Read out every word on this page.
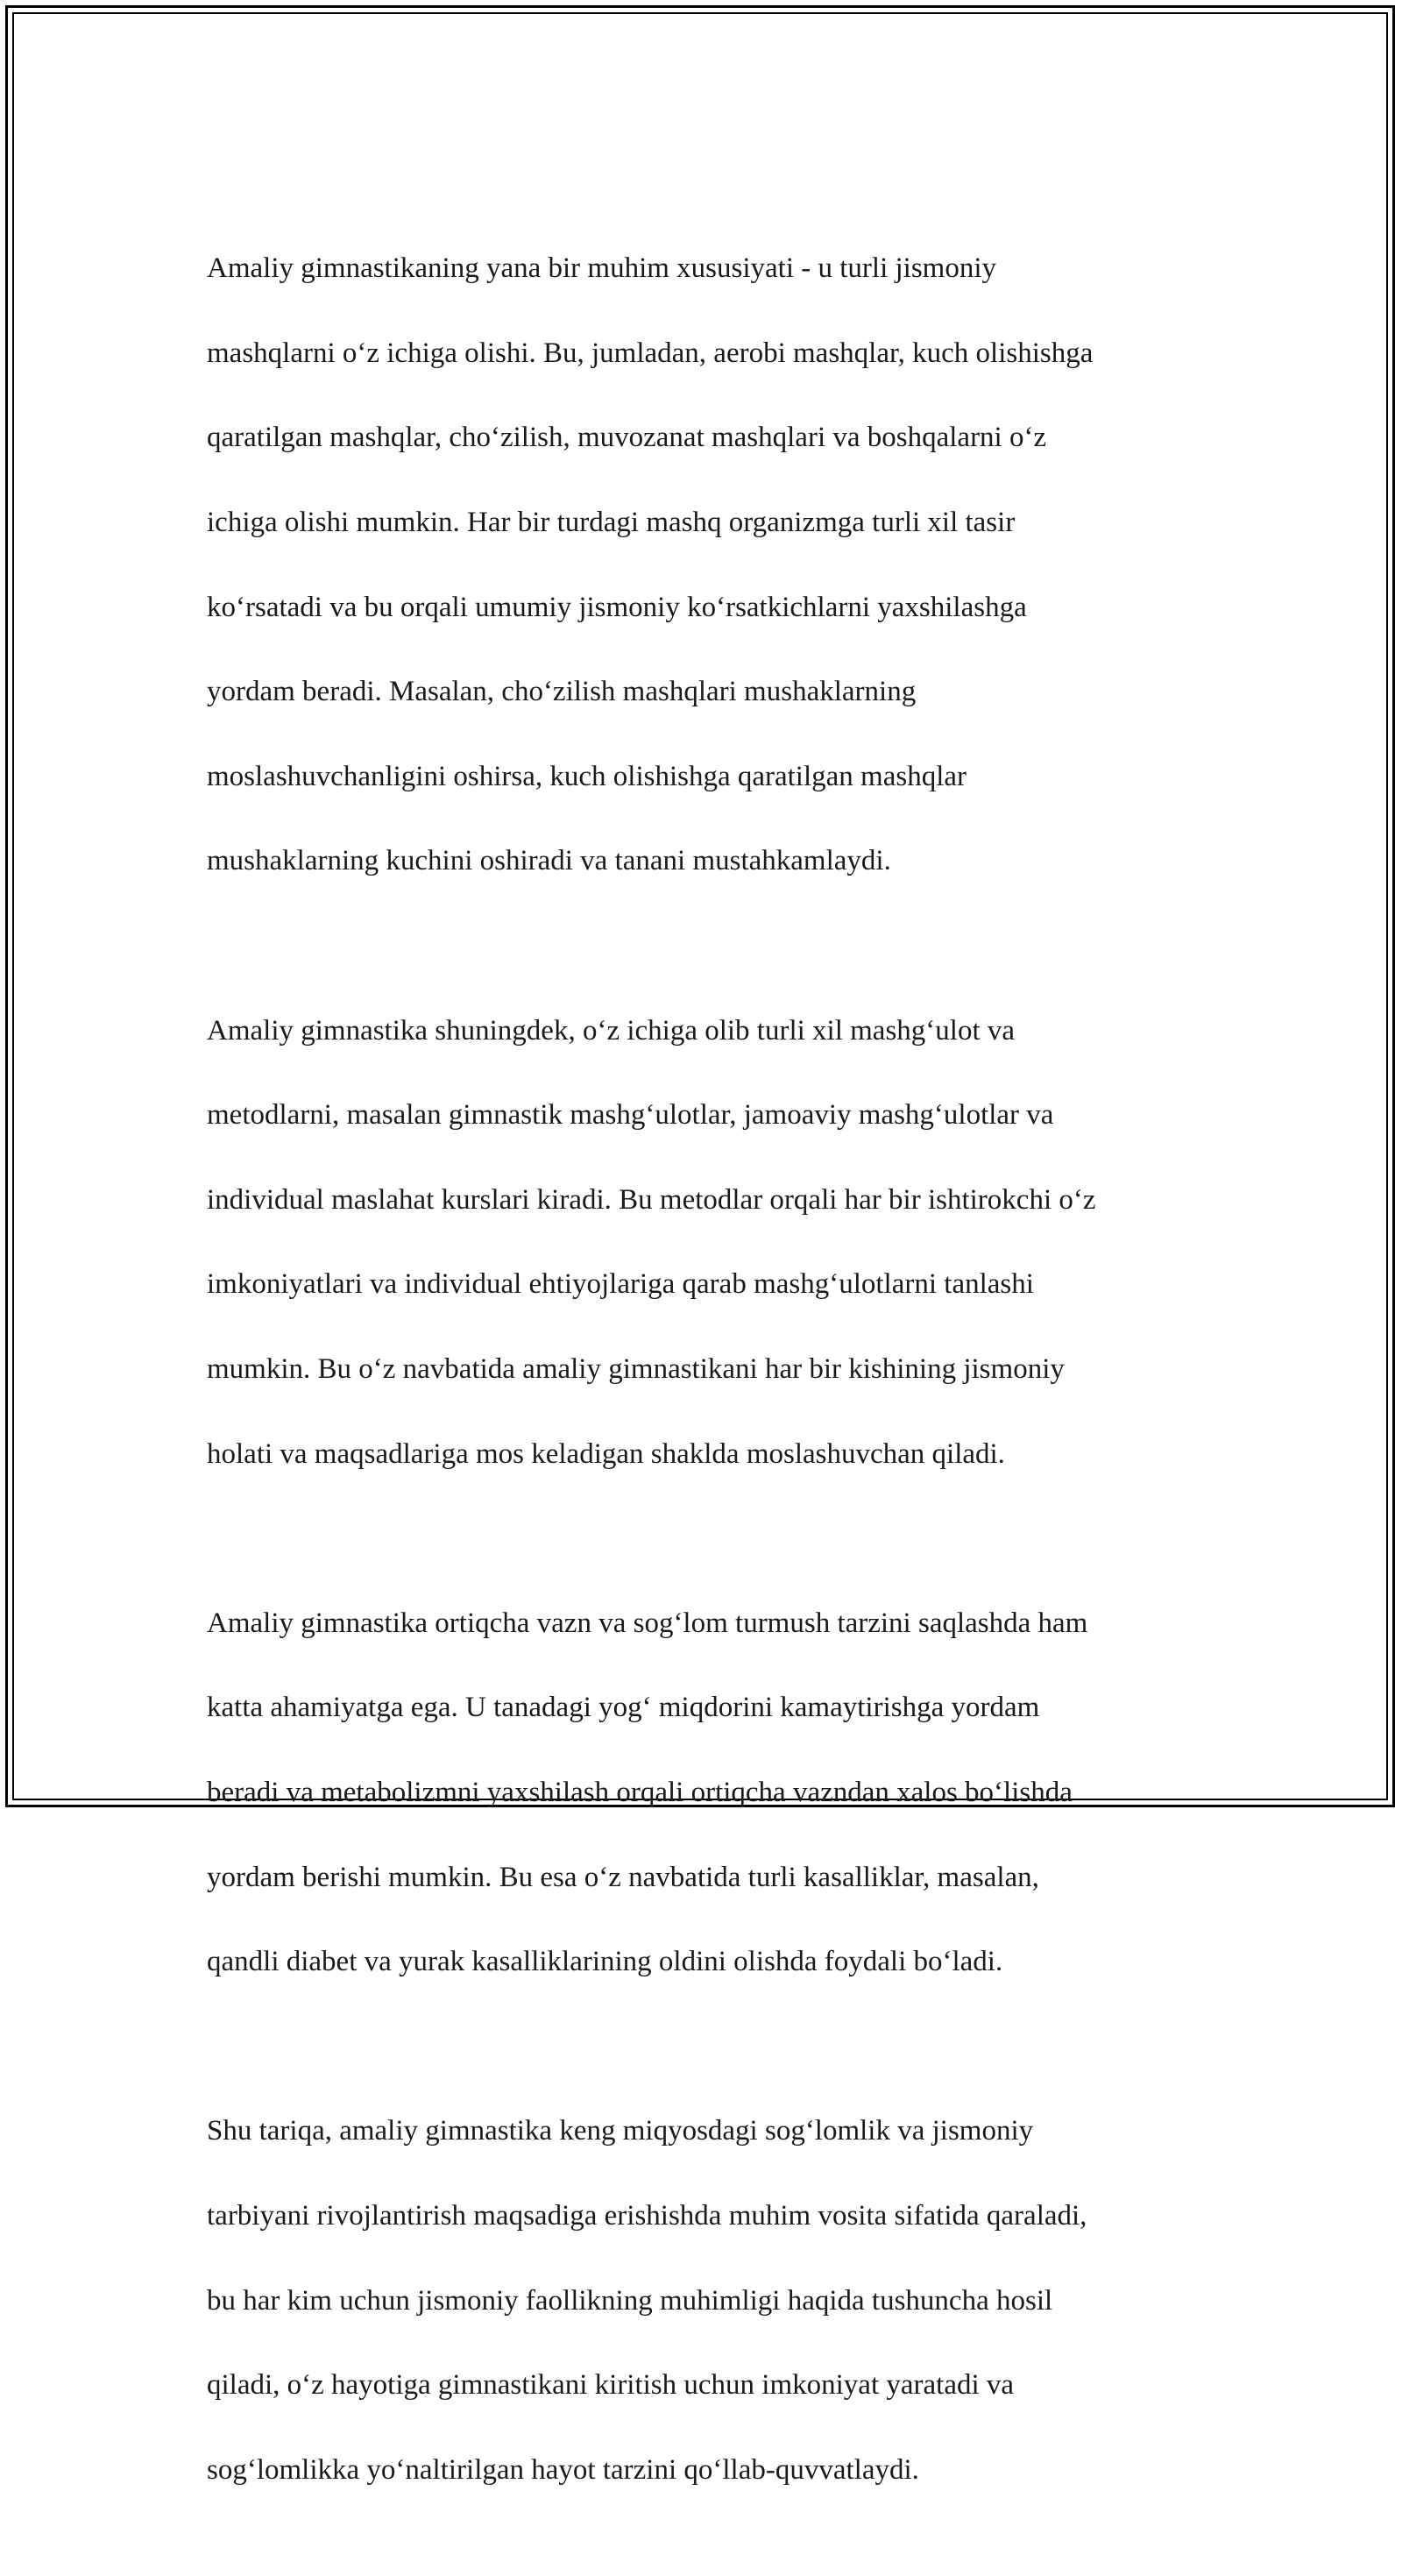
Amaliy gimnastikaning yana bir muhim xususiyati - u turli jismoniy

mashqlarni o‘z ichiga olishi. Bu, jumladan, aerobi mashqlar, kuch olishishga

qaratilgan mashqlar, cho‘zilish, muvozanat mashqlari va boshqalarni o‘z

ichiga olishi mumkin. Har bir turdagi mashq organizmga turli xil tasir

ko‘rsatadi va bu orqali umumiy jismoniy ko‘rsatkichlarni yaxshilashga

yordam beradi. Masalan, cho‘zilish mashqlari mushaklarning

moslashuvchanligini oshirsa, kuch olishishga qaratilgan mashqlar

mushaklarning kuchini oshiradi va tanani mustahkamlaydi.

Amaliy gimnastika shuningdek, o‘z ichiga olib turli xil mashg‘ulot va

metodlarni, masalan gimnastik mashg‘ulotlar, jamoaviy mashg‘ulotlar va

individual maslahat kurslari kiradi. Bu metodlar orqali har bir ishtirokchi o‘z

imkoniyatlari va individual ehtiyojlariga qarab mashg‘ulotlarni tanlashi

mumkin. Bu o‘z navbatida amaliy gimnastikani har bir kishining jismoniy

holati va maqsadlariga mos keladigan shaklda moslashuvchan qiladi.

Amaliy gimnastika ortiqcha vazn va sog‘lom turmush tarzini saqlashda ham

katta ahamiyatga ega. U tanadagi yog‘ miqdorini kamaytirishga yordam

beradi va metabolizmni yaxshilash orqali ortiqcha vazndan xalos bo‘lishda

yordam berishi mumkin. Bu esa o‘z navbatida turli kasalliklar, masalan,

qandli diabet va yurak kasalliklarining oldini olishda foydali bo‘ladi.

Shu tariqa, amaliy gimnastika keng miqyosdagi sog‘lomlik va jismoniy

tarbiyani rivojlantirish maqsadiga erishishda muhim vosita sifatida qaraladi,

bu har kim uchun jismoniy faollikning muhimligi haqida tushuncha hosil

qiladi, o‘z hayotiga gimnastikani kiritish uchun imkoniyat yaratadi va

sog‘lomlikka yo‘naltirilgan hayot tarzini qo‘llab-quvvatlaydi.
